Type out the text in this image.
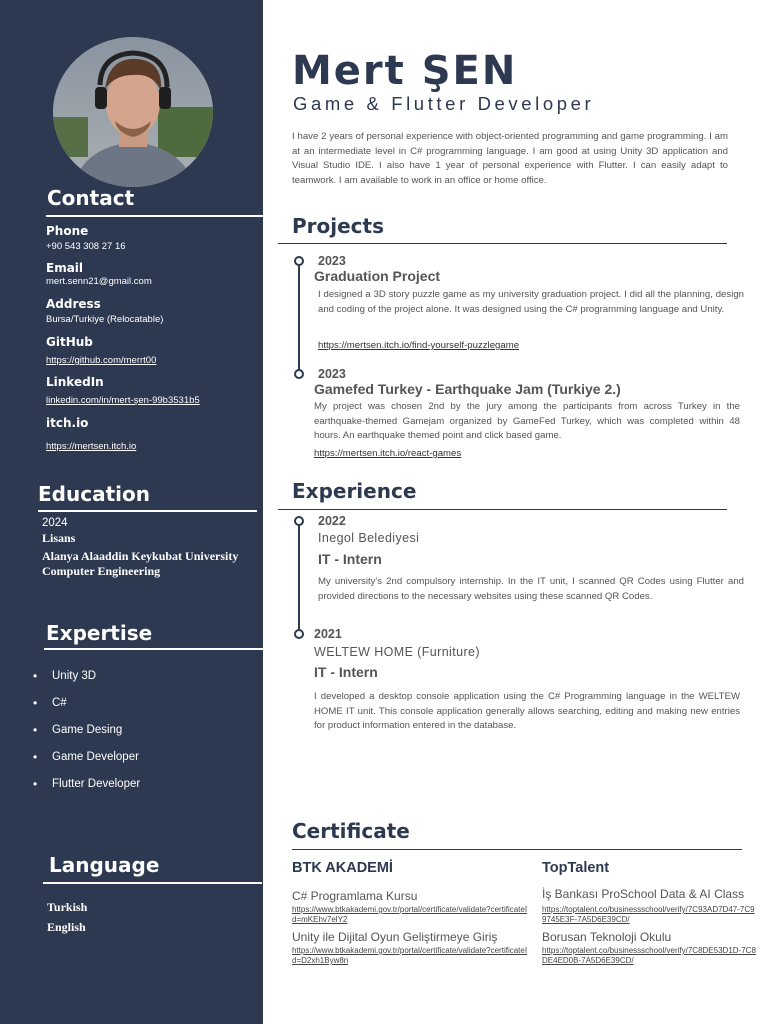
Contact
Phone
+90 543 308 27 16
Email
mert.senn21@gmail.com
Address
Bursa/Turkiye (Relocatable)
GitHub
https://github.com/merrt00
LinkedIn
linkedin.com/in/mert-şen-99b3531b5
itch.io
https://mertsen.itch.io
Education
2024
Lisans
Alanya Alaaddin Keykubat University
Computer Engineering
Expertise
• Unity 3D
• C#
• Game Desing
• Game Developer
• Flutter Developer
Language
Turkish
English
Mert ŞEN
Game & Flutter Developer
I have 2 years of personal experience with object-oriented programming and game programming. I am at an intermediate level in C# programming language. I am good at using Unity 3D application and Visual Studio IDE. I also have 1 year of personal experience with Flutter. I can easily adapt to teamwork. I am available to work in an office or home office.
Projects
2023
Graduation Project
I designed a 3D story puzzle game as my university graduation project. I did all the planning, design and coding of the project alone. It was designed using the C# programming language and Unity.
https://mertsen.itch.io/find-yourself-puzzlegame
2023
Gamefed Turkey - Earthquake Jam (Turkiye 2.)
My project was chosen 2nd by the jury among the participants from across Turkey in the earthquake-themed Gamejam organized by GameFed Turkey, which was completed within 48 hours. An earthquake themed point and click based game.
https://mertsen.itch.io/react-games
Experience
2022
Inegol Belediyesi
IT - Intern
My university's 2nd compulsory internship. In the IT unit, I scanned QR Codes using Flutter and provided directions to the necessary websites using these scanned QR Codes.
2021
WELTEW HOME (Furniture)
IT - Intern
I developed a desktop console application using the C# Programming language in the WELTEW HOME IT unit. This console application generally allows searching, editing and making new entries for product information entered in the database.
Certificate
BTK AKADEMİ
C# Programlama Kursu
https://www.btkakademi.gov.tr/portal/certificate/validate?certificateId=mKEhv7elY2
Unity ile Dijital Oyun Geliştirmeye Giriş
https://www.btkakademi.gov.tr/portal/certificate/validate?certificateId=D2xh1Byw8n
TopTalent
İş Bankası ProSchool Data & AI Class
https://toptalent.co/businessschool/verify/7C93AD7D47-7C99745E3F-7A5D6E39CD/
Borusan Teknoloji Okulu
https://toptalent.co/businessschool/verify/7C8DE53D1D-7C8DE4ED0B-7A5D6E39CD/
